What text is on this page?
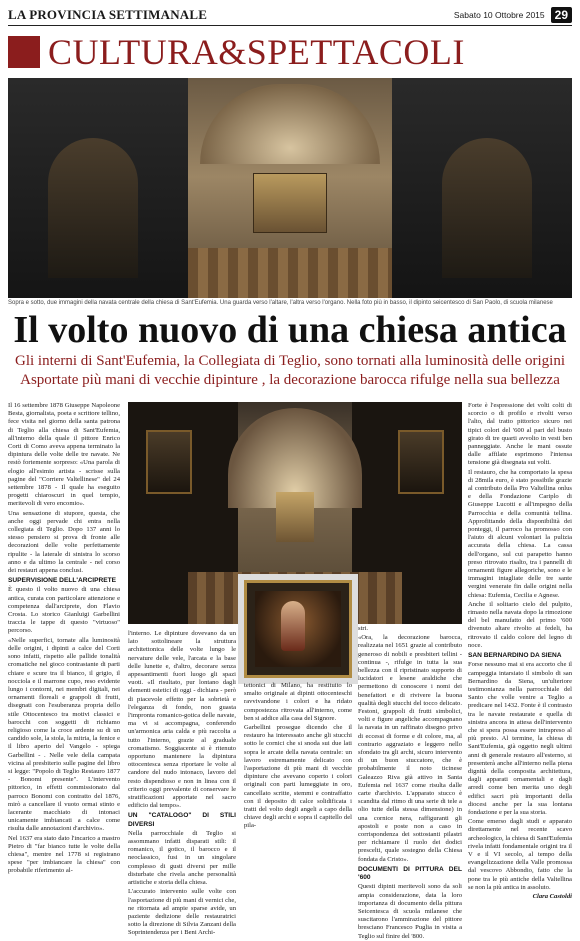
LA PROVINCIA SETTIMANALE	Sabato 10 Ottobre 2015 29
CULTURA&SPETTACOLI
Sopra e sotto, due immagini della navata centrale della chiesa di Sant'Eufemia. Una guarda verso l'altare, l'altra verso l'organo. Nella foto più in basso, il dipinto seicentesco di San Paolo, di scuola milanese
Il volto nuovo di una chiesa antica
Gli interni di Sant'Eufemia, la Collegiata di Teglio, sono tornati alla luminosità delle origini
Asportate più mani di vecchie dipinture , la decorazione barocca rifulge nella sua bellezza

Il 16 settembre 1878 Giuseppe Napoleone Besta, giornalista, poeta e scrittore tellino, fece visita nel giorno della santa patrona di Teglio alla chiesa di Sant'Eufemia, all'interno della quale il pittore Enrico Corti di Como aveva appena terminato la dipintura delle volte delle tre navate. Ne restò fortemente sorpreso: «Una parola di elogio all'esimio artista - scrisse sulla pagine del "Corriere Valtellinese" del 24 settembre 1878 - Il quale ha eseguito progetti chiaroscuri in quel tempio, meritevoli di vero encomio».

Una sensazione di stupore, questa, che anche oggi pervade chi entra nella collegiata di Teglio. Dopo 137 anni lo stesso pensiero si prova di fronte alle decorazioni delle volte perfettamente ripulite - la laterale di sinistra lo scorso anno e da ultimo la centrale - nel corso dei restauri appena conclusi.

SUPERVISIONE DELL'ARCIPRETE

È questo il volto nuovo di una chiesa antica, curata con particolare attenzione e competenza dall'arciprete, don Flavio Crosta. Lo storico Gianluigi Garbellini traccia le tappe di questo "virtuoso" percorso.

«Nelle superfici, tornate alla luminosità delle origini, i dipinti a calce del Corti sono infatti, rispetto alle pallide tonalità cromatiche nel gioco contrastante di parti chiare e scure tra il bianco, il grigio, il nocciola e il marrone cupo, reso evidente lungo i contorni, nei membri digitali, nei ornamenti floreali e grappoli di frutti, disegnati con l'esuberanza propria dello stile Ottocentesco tra motivi classici e barocchi con soggetti di richiamo religioso come la croce ardente su di un candido sole, la stola, la mitria, la fenice e il libro aperto del Vangelo - spiega Garbellini - . Nelle vele della campata vicina al presbiterio sulle pagine del libro si legge: "Popolo di Teglio Restauro 1877 - Bonomi presente". L'intervento pittorico, in effetti commissionato dal parroco Bonomi con contratto del 1876, mirò a cancellare il vuoto ormai stinto e lacerante macchiato di intonaci unicamente imbiancati a calce come risulta dalle annotazioni d'archivio».

Nel 1637 era stato dato l'incarico a mastro Pietro di "far bianco tutte le volte della chiesa", mentre nel 1778 si registrano spese "per imbiancare la chiesa" con probabile riferimento al-

l'interno. Le dipinture dovevano da un lato sottolineare la struttura architettonica delle volte lungo le nervature delle vele, l'arcata e la base delle lunette e, d'altro, decorare senza appesantimenti fuori luogo gli spazi vuoti. «Il risultato, pur lontano dagli elementi estetici di oggi - dichiara - però di piacevole effetto per la sobrietà e l'eleganza di fondo, non guasta l'impronta romanico-gotica delle navate, ma vi si accompagna, conferendo un'armonica aria calda e più raccolta a tutto l'interno, grazie al graduale cromatismo. Soggiacente si è ritenuto opportuno mantenere la dipintura ottocentesca senza riportare le volte al candore del nudo intonaco, lavoro del resto dispendioso e non in linea con il criterio oggi prevalente di conservare le stratificazioni apportate nel sacro edificio dal tempo».

UN "CATALOGO" DI STILI DIVERSI

Nella parrocchiale di Teglio si assommano infatti disparati stili: il romanico, il gotico, il barocco e il neoclassico, fusi in un singolare complesso di gusti diversi per mille disturbate che rivela anche personalità artistiche e storia della chiesa.

L'accurato intervento sulle volte con l'asportazione di più mani di vernici che, ne ritornata ad ampie sparse avide, un paziente dedizione delle restauratrici sotto la direzione di Silvia Zanzani della Soprintendenza per i Beni Archi-

tettonici di Milano, ha restituito lo smalto originale ai dipinti ottocenteschi ravvivandone i colori e ha ridato compostezza ritrovata all'interno, come ben si addice alla casa del Signore.

Garbellini prosegue dicendo che il restauro ha interessato anche gli stucchi sotto le cornici che si snoda sui due lati sopra le arcate della navata centrale: un lavoro estremamente delicato con l'asportazione di più mani di vecchie dipinture che avevano coperto i colori originali con parti lumeggiate in oro, cancellato scritte, stemmi e contraffatto con il deposito di calce solidificata i tratti del volto degli angeli a capo della chiave degli archi e sopra il capitello del pila-

stri.

«Ora, la decorazione barocca, realizzata nel 1651 grazie al contributo generoso di nobili e presbiteri tellini - continua -, rifulge in tutta la sua bellezza con il ripristinato supporto di lucidatori e lesene araldiche che permettono di conoscere i nomi dei benefattori e di rivivere la buona qualità degli stucchi del tocco delicato. Festoni, grappoli di frutti simbolici, volti e figure angeliche accompagnano la navata in un raffinato disegno privo di eccessi di forme e di colore, ma, al contrario aggraziato e leggero nello sfondato tra gli archi, sicuro intervento di un buon stuccatore, che è probabilmente il noto ticinese Galeazzo Riva già attivo in Santa Eufemia nel 1637 come risulta dalle carte d'archivio. L'apparato stucco è scandita dal ritmo di una serie di tele a olio tutte della stessa dimensione) in una cornice nera, raffiguranti gli apostoli e poste non a caso in corrispondenza dei sottostanti pilastri per richiamare il ruolo dei dodici prescelti, quale sostegno della Chiesa fondata da Cristo».

DOCUMENTI DI PITTURA DEL '600

Questi dipinti meritevoli sono da soli ampia considerazione, data la loro importanza di documento della pittura Seicentesca di scuola milanese che suscitarono l'ammirazione del pittore bresciano Francesco Puglia in visita a Teglio sul finire del '800.

Forte è l'espressione dei volti colti di scorcio o di profilo e rivolti verso l'alto, dal tratto pittorico sicuro nei tipici colori del '600 al pari del busto girato di tre quarti avvolto in vesti ben panneggiate. Anche le mani ossute dalle affilate esprimono l'intensa tensione già disegnata sui volti.

Il restauro, che ha comportato la spesa di 28mila euro, è stato possibile grazie al contributo della Pro Valtellina onlus e della Fondazione Cariplo di Giuseppe Lucotti e all'impegno della Parrocchia e della comunità tellina. Approfittando della disponibilità dei ponteggi, il parroco ha promosso con l'aiuto di alcuni volontari la pulizia accurata della chiesa. La cassa dell'organo, sul cui parapetto hanno preso ritrovato risalto, tra i pannelli di ornamenti figure allegoriche, sono e le immagini intagliate delle tre sante vergini venerate fin dalle origini nella chiesa: Eufemia, Cecilia e Agnese.

Anche il solitario cielo del pulpito, rimasto nella navata dopo la rimozione del bel manufatto del primo '600 divenuto altare rivolto ai fedeli, ha ritrovato il caldo colore del legno di noce.

SAN BERNARDINO DA SIENA

Forse nessuno mai si era accorto che il campeggia intarsiato il simbolo di san Bernardino da Siena, un'ulteriore testimonianza nella parrocchiale del Santo che volle venire a Teglio a predicare nel 1432. Fonte è il contrasto tra le navate restaurate e quella di sinistra ancora in attesa dell'intervento che si spera possa essere intrapreso al più presto. Al termine, la chiesa di Sant'Eufemia, già oggetto negli ultimi anni di generale restauro all'esterno, si presenterà anche all'interno nella piena dignità della composita architettura, dagli apparati ornamentali e dagli arredi come ben merita uno degli edifici sacri più importanti della diocesi anche per la sua lontana fondazione e per la sua storia.

Come emerso dagli studi e apparato direttamente nel recente scavo archeologico, la chiesa di Sant'Eufemia rivela infatti fondamentale origini tra il V e il VI secolo, al tempo della evangelizzazione della Valle promossa dal vescovo Abbondio, fatto che la pone tra le più antiche della Valtellina se non la più antica in assoluto.

Clara Castoldi
